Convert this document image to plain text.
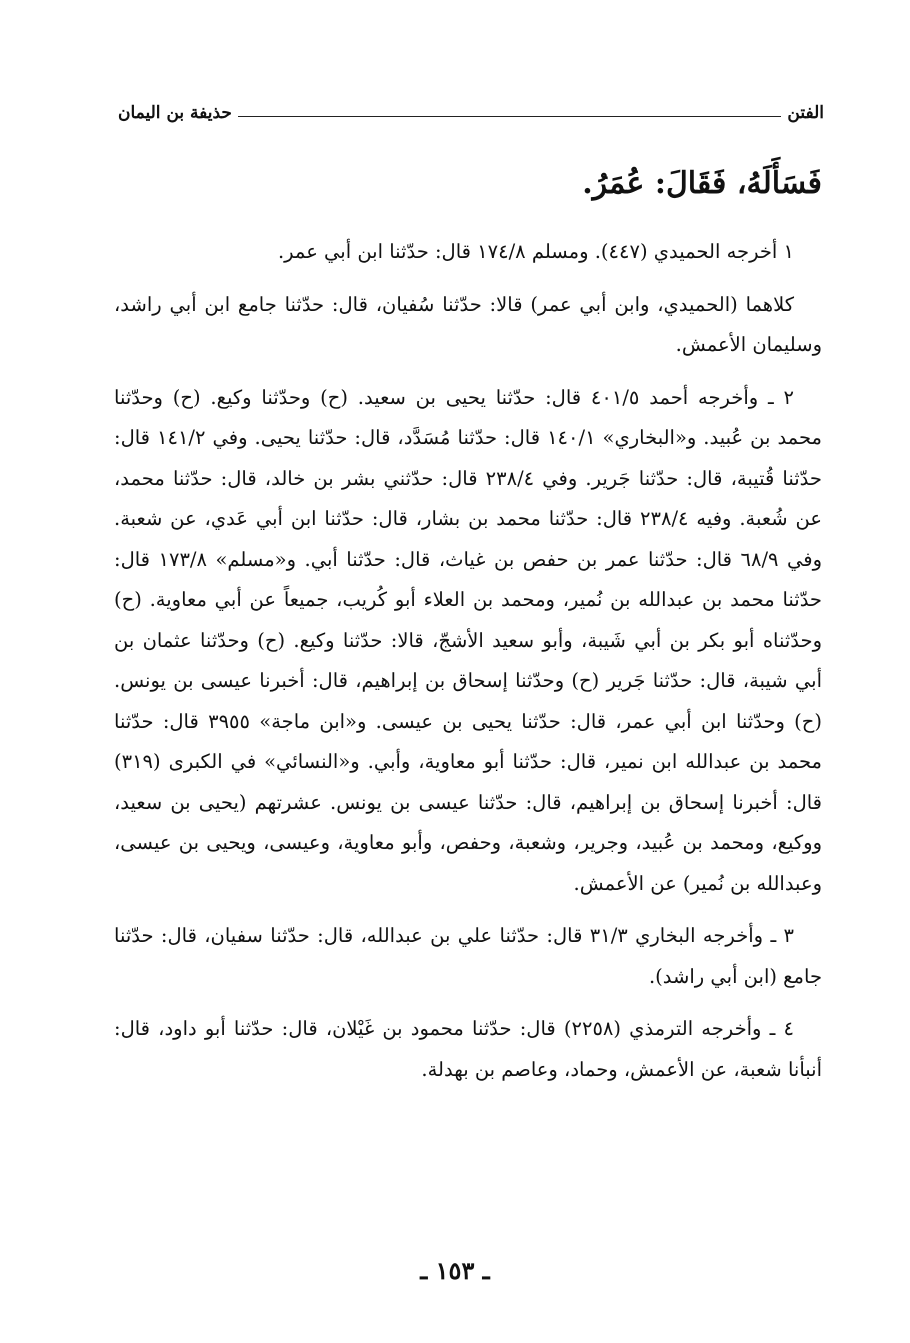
الفتن
حذيفة بن اليمان
فَسَأَلَهُ، فَقَالَ: عُمَرُ.

١ أخرجه الحميدي (٤٤٧). ومسلم ١٧٤/٨ قال: حدّثنا ابن أبي عمر.

كلاهما (الحميدي، وابن أبي عمر) قالا: حدّثنا سُفيان، قال: حدّثنا جامع ابن أبي راشد، وسليمان الأعمش.

٢ ـ وأخرجه أحمد ٤٠١/٥ قال: حدّثنا يحيى بن سعيد. (ح) وحدّثنا وكيع. (ح) وحدّثنا محمد بن عُبيد. و«البخاري» ١٤٠/١ قال: حدّثنا مُسَدَّد، قال: حدّثنا يحيى. وفي ١٤١/٢ قال: حدّثنا قُتيبة، قال: حدّثنا جَرير. وفي ٢٣٨/٤ قال: حدّثني بشر بن خالد، قال: حدّثنا محمد، عن شُعبة. وفيه ٢٣٨/٤ قال: حدّثنا محمد بن بشار، قال: حدّثنا ابن أبي عَدي، عن شعبة. وفي ٦٨/٩ قال: حدّثنا عمر بن حفص بن غياث، قال: حدّثنا أبي. و«مسلم» ١٧٣/٨ قال: حدّثنا محمد بن عبدالله بن نُمير، ومحمد بن العلاء أبو كُريب، جميعاً عن أبي معاوية. (ح) وحدّثناه أبو بكر بن أبي شَيبة، وأبو سعيد الأشجّ، قالا: حدّثنا وكيع. (ح) وحدّثنا عثمان بن أبي شيبة، قال: حدّثنا جَرير (ح) وحدّثنا إسحاق بن إبراهيم، قال: أخبرنا عيسى بن يونس. (ح) وحدّثنا ابن أبي عمر، قال: حدّثنا يحيى بن عيسى. و«ابن ماجة» ٣٩٥٥ قال: حدّثنا محمد بن عبدالله ابن نمير، قال: حدّثنا أبو معاوية، وأبي. و«النسائي» في الكبرى (٣١٩) قال: أخبرنا إسحاق بن إبراهيم، قال: حدّثنا عيسى بن يونس. عشرتهم (يحيى بن سعيد، ووكيع، ومحمد بن عُبيد، وجرير، وشعبة، وحفص، وأبو معاوية، وعيسى، ويحيى بن عيسى، وعبدالله بن نُمير) عن الأعمش.

٣ ـ وأخرجه البخاري ٣١/٣ قال: حدّثنا علي بن عبدالله، قال: حدّثنا سفيان، قال: حدّثنا جامع (ابن أبي راشد).

٤ ـ وأخرجه الترمذي (٢٢٥٨) قال: حدّثنا محمود بن غَيْلان، قال: حدّثنا أبو داود، قال: أنبأنا شعبة، عن الأعمش، وحماد، وعاصم بن بهدلة.

ـ ١٥٣ ـ
